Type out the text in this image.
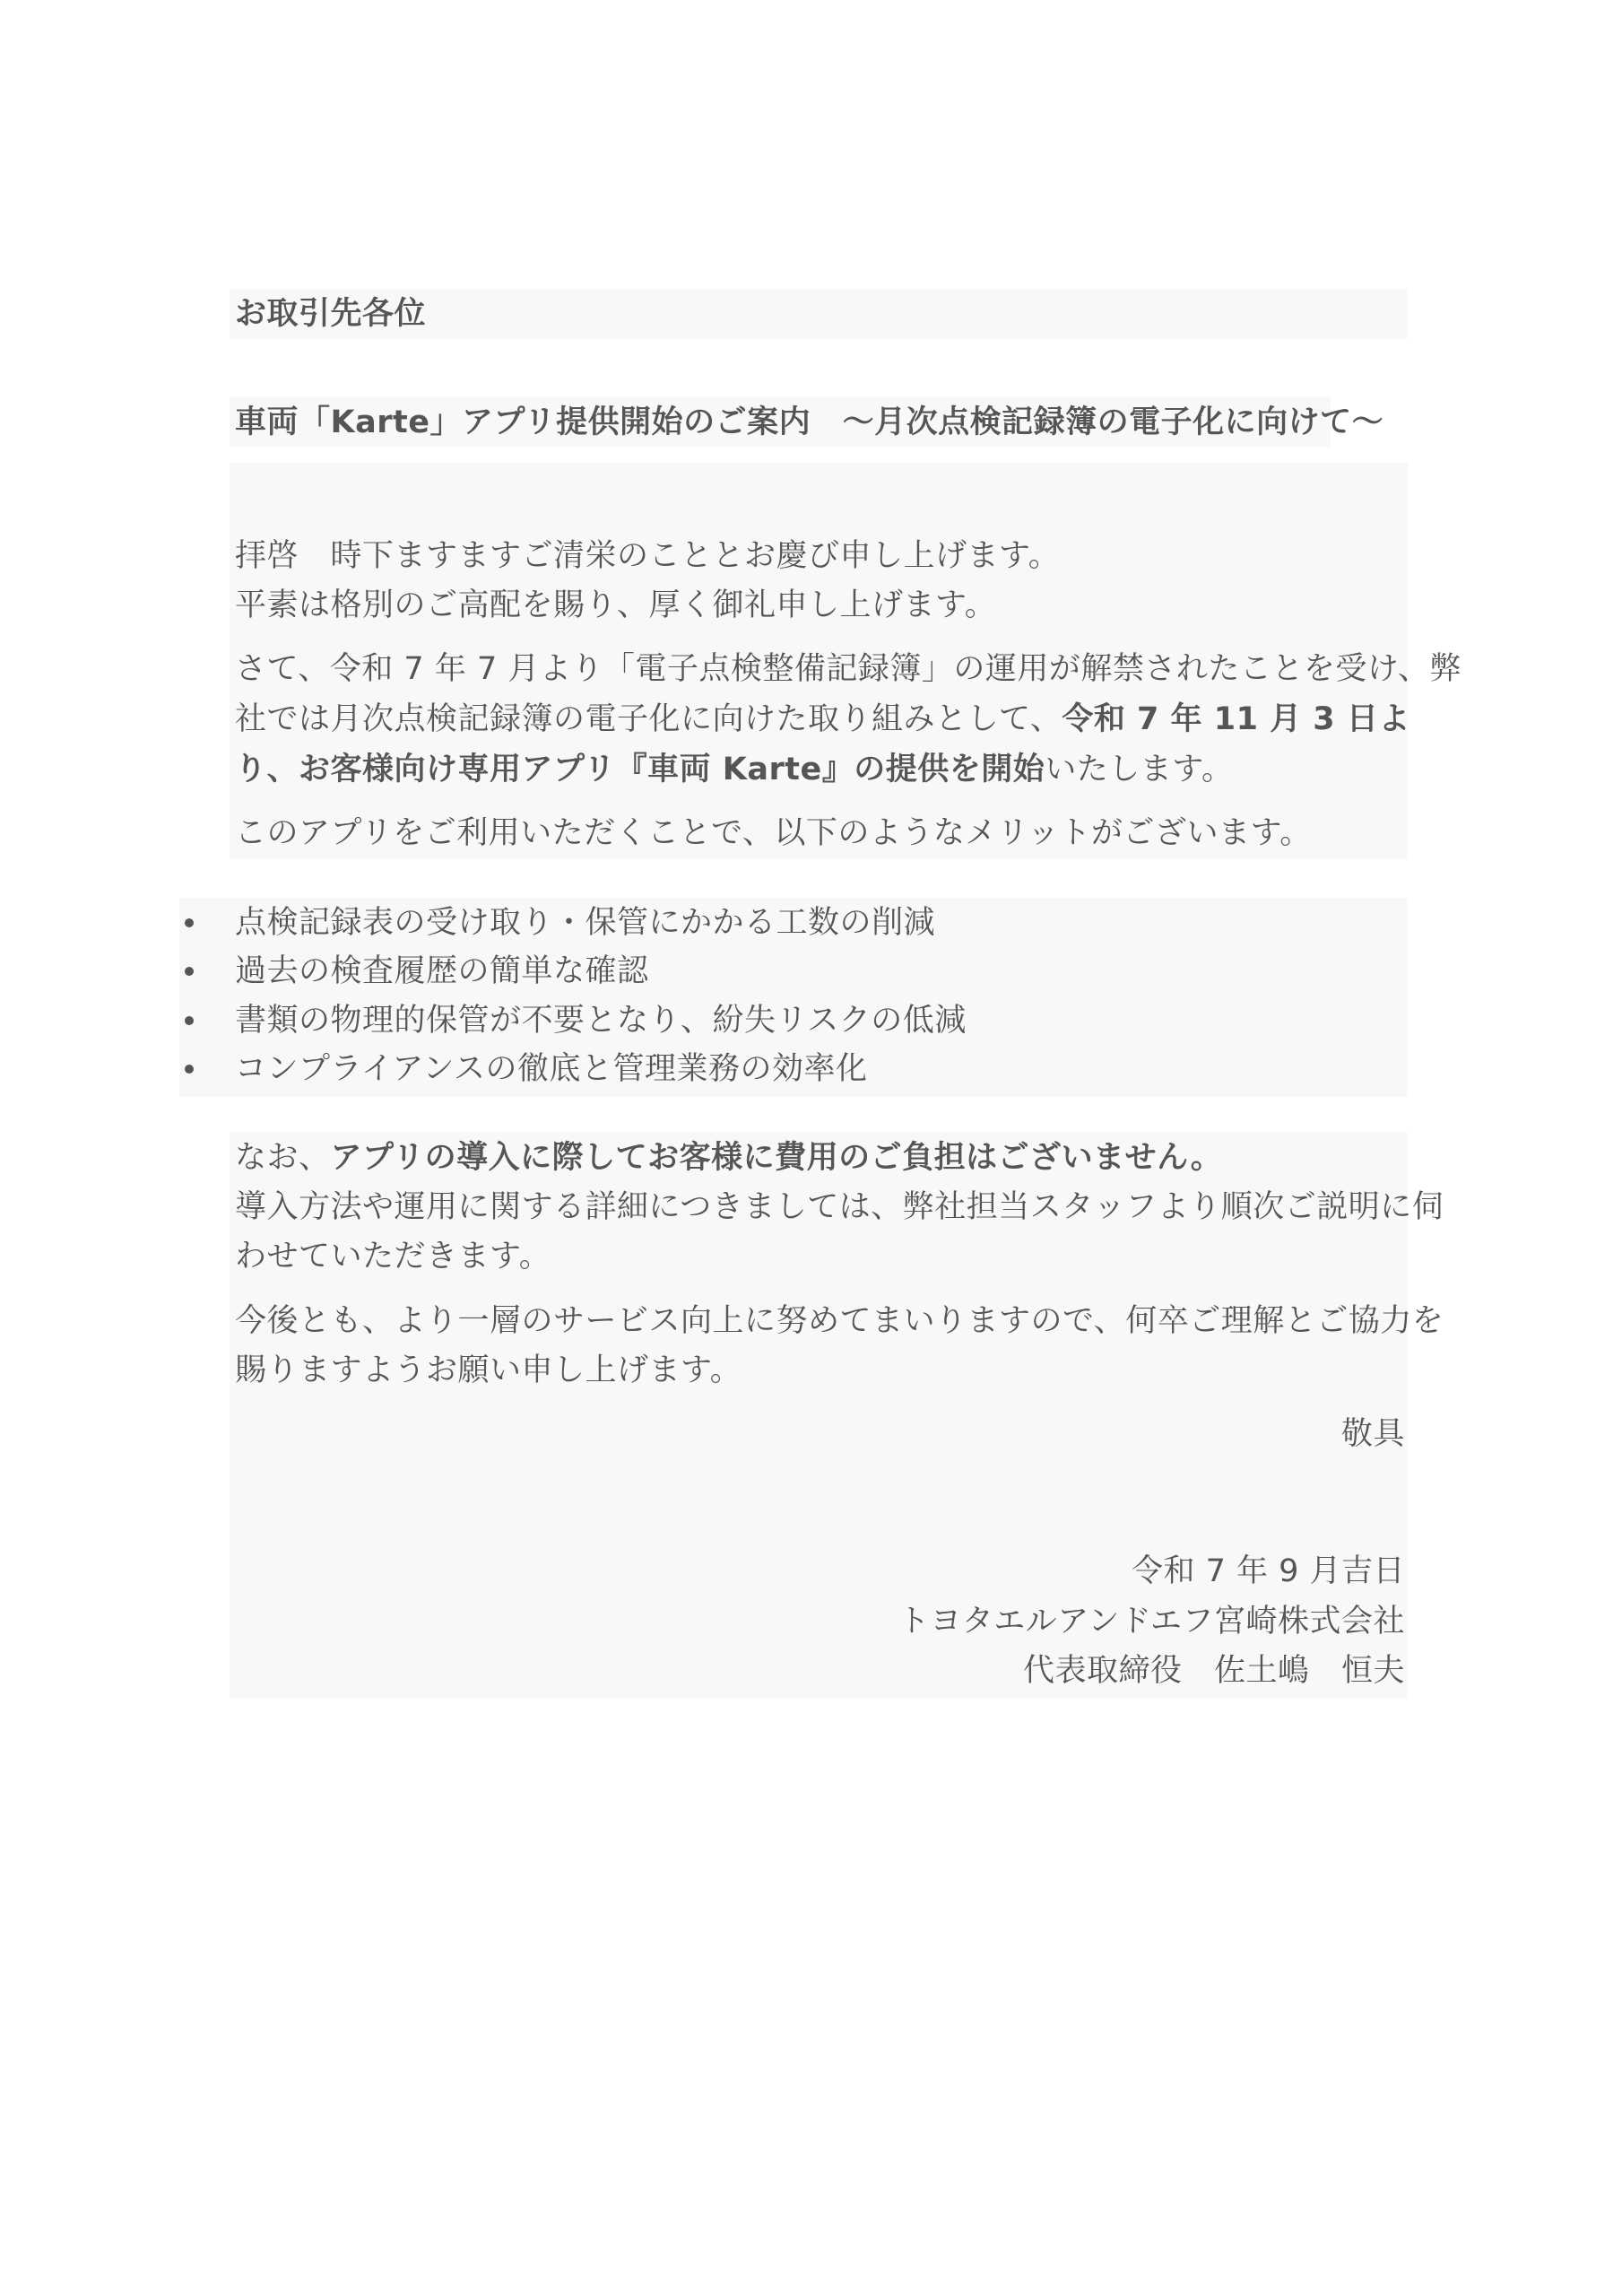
お取引先各位
車両「Karte」アプリ提供開始のご案内　 ～月次点検記録簿の電子化に向けて～
拝啓　時下ますますご清栄のこととお慶び申し上げます。
平素は格別のご高配を賜り、厚く御礼申し上げます。
さて、令和 7 年 7 月より「電子点検整備記録簿」の運用が解禁されたことを受け、弊
社では月次点検記録簿の電子化に向けた取り組みとして、令和 7 年 11 月 3 日よ
り、お客様向け専用アプリ『車両 Karte』の提供を開始いたします。
このアプリをご利用いただくことで、以下のようなメリットがございます。
点検記録表の受け取り・保管にかかる工数の削減
過去の検査履歴の簡単な確認
書類の物理的保管が不要となり、紛失リスクの低減
コンプライアンスの徹底と管理業務の効率化
なお、アプリの導入に際してお客様に費用のご負担はございません。
導入方法や運用に関する詳細につきましては、弊社担当スタッフより順次ご説明に伺
わせていただきます。
今後とも、より一層のサービス向上に努めてまいりますので、何卒ご理解とご協力を
賜りますようお願い申し上げます。
敬具
令和 7 年 9 月吉日
トヨタエルアンドエフ宮崎株式会社
代表取締役　佐土嶋　恒夫
